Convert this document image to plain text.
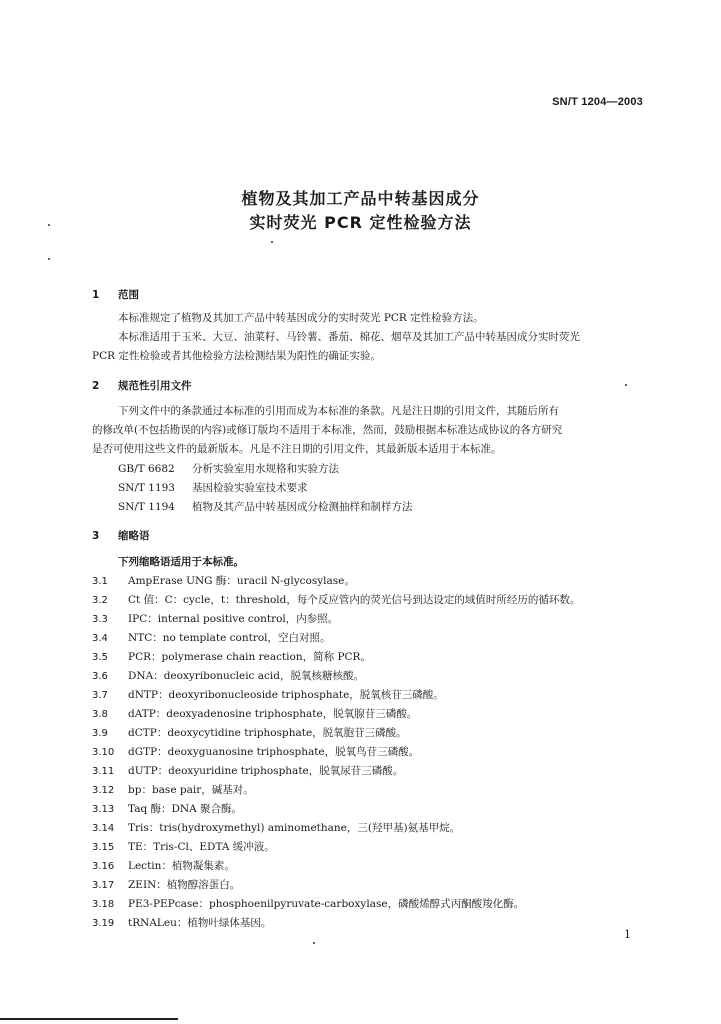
SN/T 1204—2003
植物及其加工产品中转基因成分
实时荧光 PCR 定性检验方法
1 范围
本标准规定了植物及其加工产品中转基因成分的实时荧光 PCR 定性检验方法。
本标准适用于玉米、大豆、油菜籽、马铃薯、番茄、棉花、烟草及其加工产品中转基因成分实时荧光
PCR 定性检验或者其他检验方法检测结果为阳性的确证实验。
2 规范性引用文件
下列文件中的条款通过本标准的引用而成为本标准的条款。凡是注日期的引用文件，其随后所有
的修改单(不包括勘误的内容)或修订版均不适用于本标准，然而，鼓励根据本标准达成协议的各方研究
是否可使用这些文件的最新版本。凡是不注日期的引用文件，其最新版本适用于本标准。
GB/T 6682 分析实验室用水规格和实验方法
SN/T 1193 基因检验实验室技术要求
SN/T 1194 植物及其产品中转基因成分检测抽样和制样方法
3 缩略语
下列缩略语适用于本标准。
3.1 AmpErase UNG 酶：uracil N-glycosylase。
3.2 Ct 值：C：cycle，t：threshold，每个反应管内的荧光信号到达设定的域值时所经历的循环数。
3.3 IPC：internal positive control，内参照。
3.4 NTC：no template control，空白对照。
3.5 PCR：polymerase chain reaction，简称 PCR。
3.6 DNA：deoxyribonucleic acid，脱氧核糖核酸。
3.7 dNTP：deoxyribonucleoside triphosphate，脱氧核苷三磷酸。
3.8 dATP：deoxyadenosine triphosphate，脱氧腺苷三磷酸。
3.9 dCTP：deoxycytidine triphosphate，脱氧胞苷三磷酸。
3.10 dGTP：deoxyguanosine triphosphate，脱氧鸟苷三磷酸。
3.11 dUTP：deoxyuridine triphosphate，脱氧尿苷三磷酸。
3.12 bp：base pair，碱基对。
3.13 Taq 酶：DNA 聚合酶。
3.14 Tris：tris(hydroxymethyl) aminomethane，三(羟甲基)氨基甲烷。
3.15 TE：Tris-Cl、EDTA 缓冲液。
3.16 Lectin：植物凝集素。
3.17 ZEIN：植物醇溶蛋白。
3.18 PE3-PEPcase：phosphoenilpyruvate-carboxylase，磷酸烯醇式丙酮酸羧化酶。
3.19 tRNALeu：植物叶绿体基因。
1
